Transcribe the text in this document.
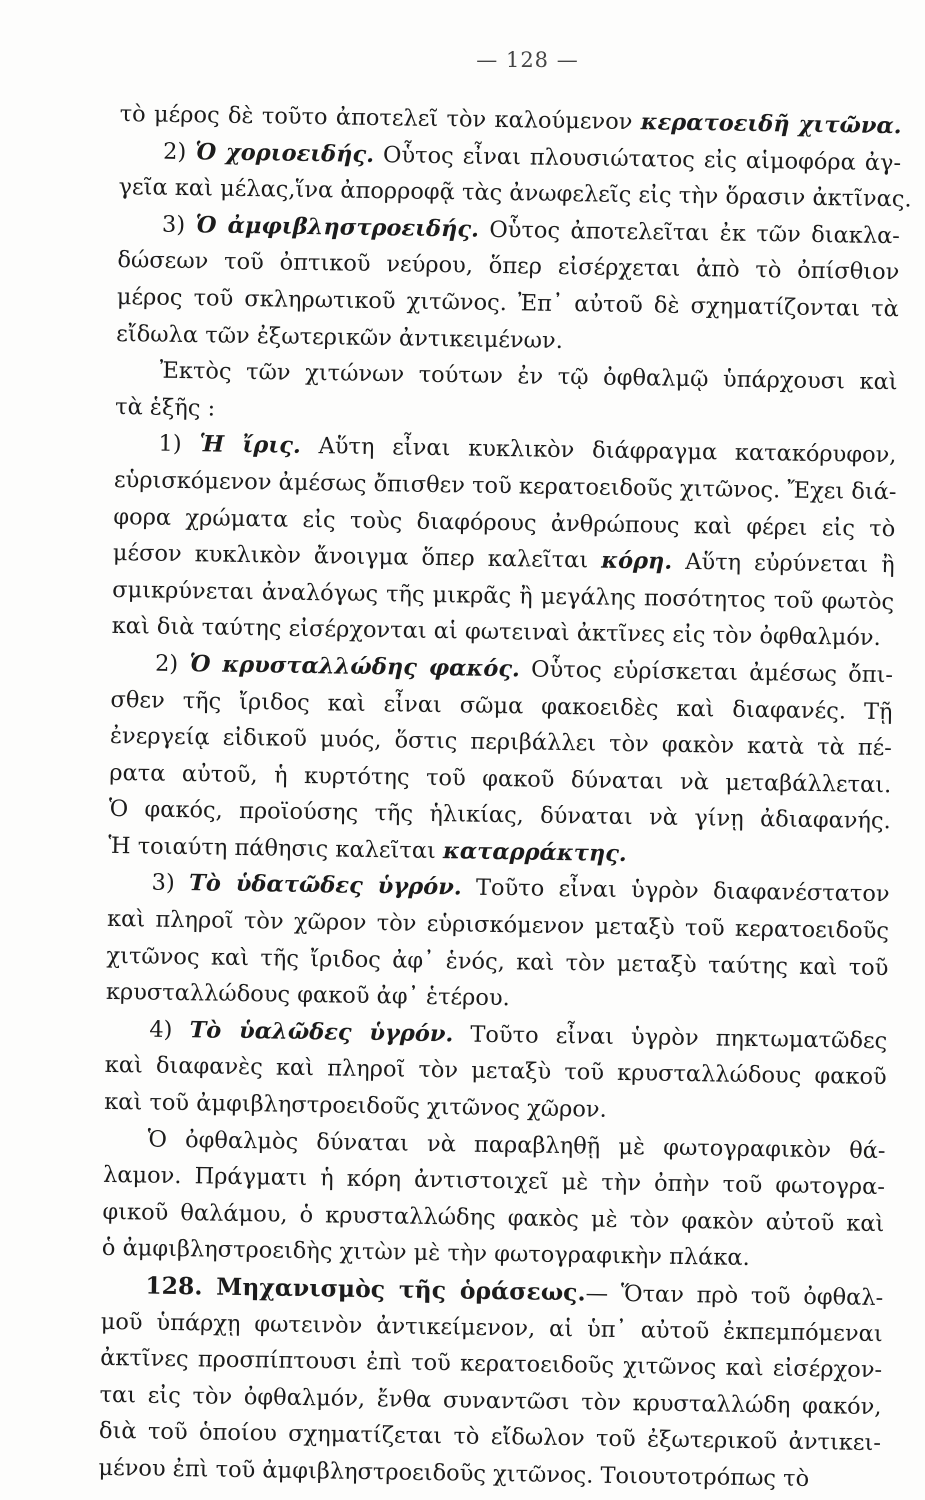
— 128 —
τὸ μέρος δὲ τοῦτο ἀποτελεῖ τὸν καλούμενον κερατοειδῆ χιτῶνα.
2) Ὁ χοριοειδής. Οὗτος εἶναι πλουσιώτατος εἰς αἱμοφόρα ἀγ-
γεῖα καὶ μέλας,ἵνα ἀπορροφᾷ τὰς ἀνωφελεῖς εἰς τὴν ὅρασιν ἀκτῖνας.
3) Ὁ ἀμφιβληστροειδής. Οὗτος ἀποτελεῖται ἐκ τῶν διακλα-
δώσεων τοῦ ὀπτικοῦ νεύρου, ὅπερ εἰσέρχεται ἀπὸ τὸ ὀπίσθιον
μέρος τοῦ σκληρωτικοῦ χιτῶνος. Ἐπ᾿ αὐτοῦ δὲ σχηματίζονται τὰ
εἴδωλα τῶν ἐξωτερικῶν ἀντικειμένων.
Ἐκτὸς τῶν χιτώνων τούτων ἐν τῷ ὀφθαλμῷ ὑπάρχουσι καὶ
τὰ ἑξῆς :
1) Ἡ ἴρις. Αὕτη εἶναι κυκλικὸν διάφραγμα κατακόρυφον,
εὑρισκόμενον ἀμέσως ὄπισθεν τοῦ κερατοειδοῦς χιτῶνος. Ἔχει διά-
φορα χρώματα εἰς τοὺς διαφόρους ἀνθρώπους καὶ φέρει εἰς τὸ
μέσον κυκλικὸν ἄνοιγμα ὅπερ καλεῖται κόρη. Αὕτη εὐρύνεται ἢ
σμικρύνεται ἀναλόγως τῆς μικρᾶς ἢ μεγάλης ποσότητος τοῦ φωτὸς
καὶ διὰ ταύτης εἰσέρχονται αἱ φωτειναὶ ἀκτῖνες εἰς τὸν ὀφθαλμόν.
2) Ὁ κρυσταλλώδης φακός. Οὗτος εὑρίσκεται ἀμέσως ὄπι-
σθεν τῆς ἴριδος καὶ εἶναι σῶμα φακοειδὲς καὶ διαφανές. Τῇ
ἐνεργείᾳ εἰδικοῦ μυός, ὅστις περιβάλλει τὸν φακὸν κατὰ τὰ πέ-
ρατα αὐτοῦ, ἡ κυρτότης τοῦ φακοῦ δύναται νὰ μεταβάλλεται.
Ὁ φακός, προϊούσης τῆς ἡλικίας, δύναται νὰ γίνῃ ἀδιαφανής.
Ἡ τοιαύτη πάθησις καλεῖται καταρράκτης.
3) Τὸ ὑδατῶδες ὑγρόν. Τοῦτο εἶναι ὑγρὸν διαφανέστατον
καὶ πληροῖ τὸν χῶρον τὸν εὑρισκόμενον μεταξὺ τοῦ κερατοειδοῦς
χιτῶνος καὶ τῆς ἴριδος ἀφ᾿ ἑνός, καὶ τὸν μεταξὺ ταύτης καὶ τοῦ
κρυσταλλώδους φακοῦ ἀφ᾿ ἑτέρου.
4) Τὸ ὑαλῶδες ὑγρόν. Τοῦτο εἶναι ὑγρὸν πηκτωματῶδες
καὶ διαφανὲς καὶ πληροῖ τὸν μεταξὺ τοῦ κρυσταλλώδους φακοῦ
καὶ τοῦ ἀμφιβληστροειδοῦς χιτῶνος χῶρον.
Ὁ ὀφθαλμὸς δύναται νὰ παραβληθῇ μὲ φωτογραφικὸν θά-
λαμον. Πράγματι ἡ κόρη ἀντιστοιχεῖ μὲ τὴν ὀπὴν τοῦ φωτογρα-
φικοῦ θαλάμου, ὁ κρυσταλλώδης φακὸς μὲ τὸν φακὸν αὐτοῦ καὶ
ὁ ἀμφιβληστροειδὴς χιτὼν μὲ τὴν φωτογραφικὴν πλάκα.
128. Μηχανισμὸς τῆς ὁράσεως.— Ὅταν πρὸ τοῦ ὀφθαλ-
μοῦ ὑπάρχῃ φωτεινὸν ἀντικείμενον, αἱ ὑπ᾿ αὐτοῦ ἐκπεμπόμεναι
ἀκτῖνες προσπίπτουσι ἐπὶ τοῦ κερατοειδοῦς χιτῶνος καὶ εἰσέρχον-
ται εἰς τὸν ὀφθαλμόν, ἔνθα συναντῶσι τὸν κρυσταλλώδη φακόν,
διὰ τοῦ ὁποίου σχηματίζεται τὸ εἴδωλον τοῦ ἐξωτερικοῦ ἀντικει-
μένου ἐπὶ τοῦ ἀμφιβληστροειδοῦς χιτῶνος. Τοιουτοτρόπως τὸ
